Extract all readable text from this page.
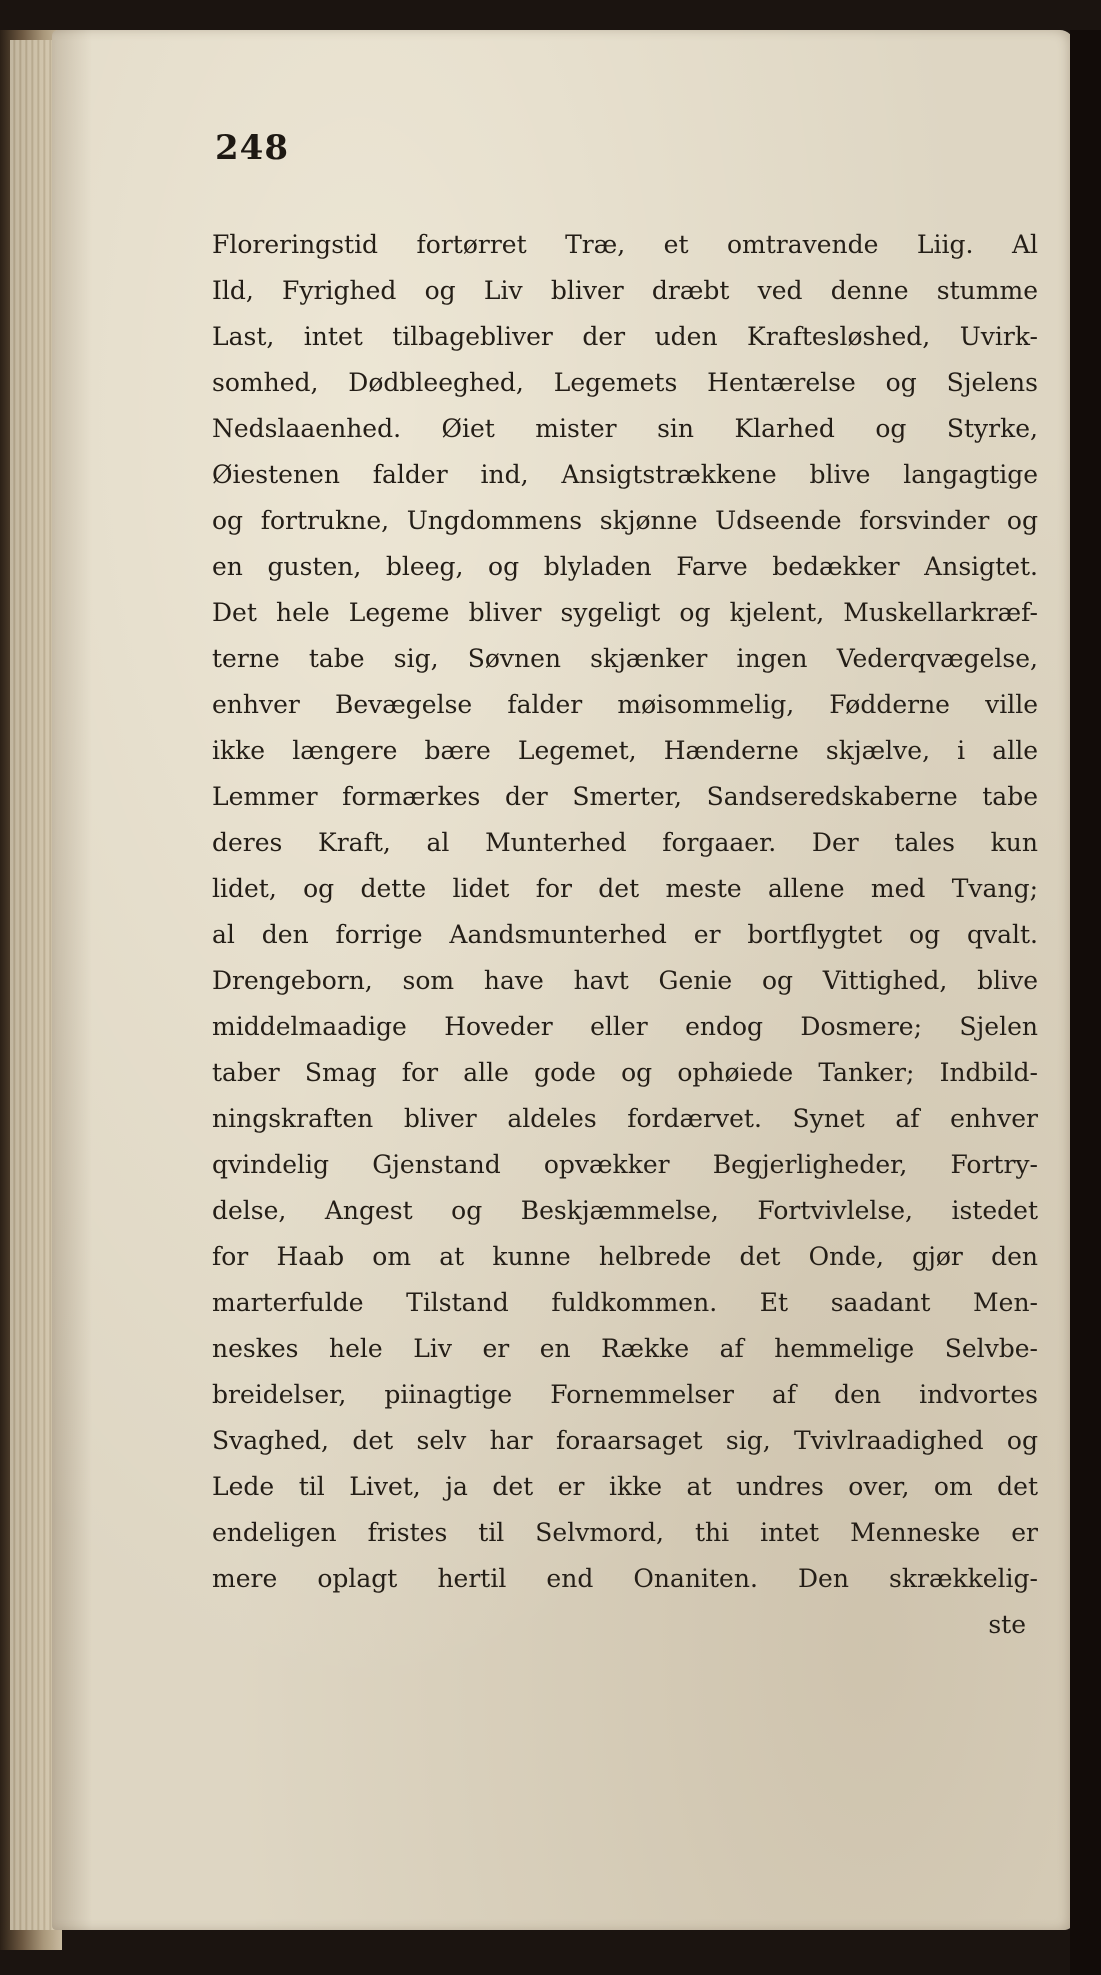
248
Floreringstid fortørret Træ, et omtravende Liig. Al
Ild, Fyrighed og Liv bliver dræbt ved denne stumme
Last, intet tilbagebliver der uden Kraftesløshed, Uvirk-
somhed, Dødbleeghed, Legemets Hentærelse og Sjelens
Nedslaaenhed. Øiet mister sin Klarhed og Styrke,
Øiestenen falder ind, Ansigtstrækkene blive langagtige
og fortrukne, Ungdommens skjønne Udseende forsvinder og
en gusten, bleeg, og blyladen Farve bedækker Ansigtet.
Det hele Legeme bliver sygeligt og kjelent, Muskellarkræf-
terne tabe sig, Søvnen skjænker ingen Vederqvægelse,
enhver Bevægelse falder møisommelig, Fødderne ville
ikke længere bære Legemet, Hænderne skjælve, i alle
Lemmer formærkes der Smerter, Sandseredskaberne tabe
deres Kraft, al Munterhed forgaaer. Der tales kun
lidet, og dette lidet for det meste allene med Tvang;
al den forrige Aandsmunterhed er bortflygtet og qvalt.
Drengeborn, som have havt Genie og Vittighed, blive
middelmaadige Hoveder eller endog Dosmere; Sjelen
taber Smag for alle gode og ophøiede Tanker; Indbild-
ningskraften bliver aldeles fordærvet. Synet af enhver
qvindelig Gjenstand opvækker Begjerligheder, Fortry-
delse, Angest og Beskjæmmelse, Fortvivlelse, istedet
for Haab om at kunne helbrede det Onde, gjør den
marterfulde Tilstand fuldkommen. Et saadant Men-
neskes hele Liv er en Række af hemmelige Selvbe-
breidelser, piinagtige Fornemmelser af den indvortes
Svaghed, det selv har foraarsaget sig, Tvivlraadighed og
Lede til Livet, ja det er ikke at undres over, om det
endeligen fristes til Selvmord, thi intet Menneske er
mere oplagt hertil end Onaniten. Den skrækkelig-
ste
